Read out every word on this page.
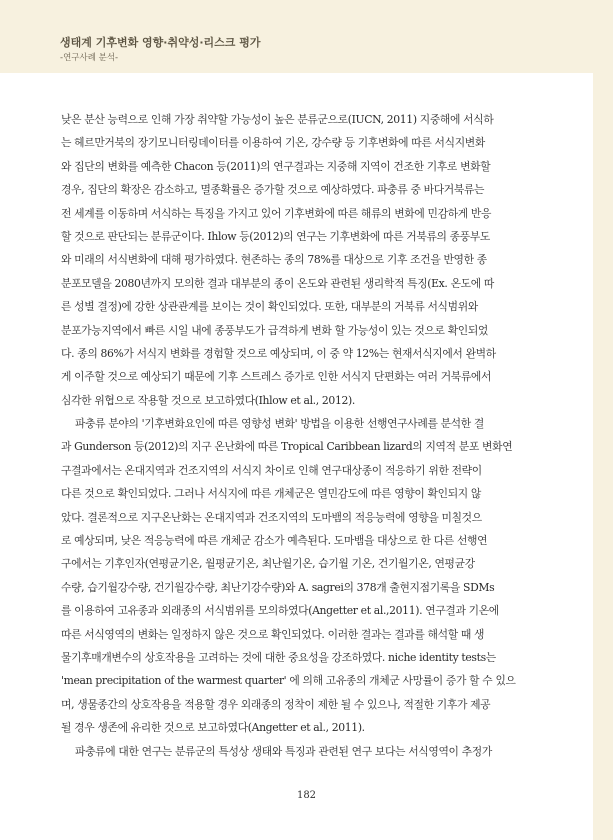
생태계 기후변화 영향·취약성·리스크 평가
-연구사례 분석-
낮은 분산 능력으로 인해 가장 취약할 가능성이 높은 분류군으로(IUCN, 2011) 지중해에 서식하
는 헤르만거북의 장기모니터링데이터를 이용하여 기온, 강수량 등 기후변화에 따른 서식지변화
와 집단의 변화를 예측한 Chacon 등(2011)의 연구결과는 지중해 지역이 건조한 기후로 변화할
경우, 집단의 확장은 감소하고, 멸종확률은 증가할 것으로 예상하였다. 파충류 중 바다거북류는
전 세계를 이동하며 서식하는 특징을 가지고 있어 기후변화에 따른 해류의 변화에 민감하게 반응
할 것으로 판단되는 분류군이다. Ihlow 등(2012)의 연구는 기후변화에 따른 거북류의 종풍부도
와 미래의 서식변화에 대해 평가하였다. 현존하는 종의 78%를 대상으로 기후 조건을 반영한 종
분포모델을 2080년까지 모의한 결과 대부분의 종이 온도와 관련된 생리학적 특징(Ex. 온도에 따
른 성별 결정)에 강한 상관관계를 보이는 것이 확인되었다. 또한, 대부분의 거북류 서식범위와
분포가능지역에서 빠른 시일 내에 종풍부도가 급격하게 변화 할 가능성이 있는 것으로 확인되었
다. 종의 86%가 서식지 변화를 경험할 것으로 예상되며, 이 중 약 12%는 현재서식지에서 완벽하
게 이주할 것으로 예상되기 때문에 기후 스트레스 증가로 인한 서식지 단편화는 여러 거북류에서
심각한 위협으로 작용할 것으로 보고하였다(Ihlow et al., 2012).
파충류 분야의 '기후변화요인에 따른 영향성 변화' 방법을 이용한 선행연구사례를 분석한 결
과 Gunderson 등(2012)의 지구 온난화에 따른 Tropical Caribbean lizard의 지역적 분포 변화연
구결과에서는 온대지역과 건조지역의 서식지 차이로 인해 연구대상종이 적응하기 위한 전략이
다른 것으로 확인되었다. 그러나 서식지에 따른 개체군은 열민감도에 따른 영향이 확인되지 않
았다. 결론적으로 지구온난화는 온대지역과 건조지역의 도마뱀의 적응능력에 영향을 미칠것으
로 예상되며, 낮은 적응능력에 따른 개체군 감소가 예측된다. 도마뱀을 대상으로 한 다른 선행연
구에서는 기후인자(연평균기온, 월평균기온, 최난월기온, 습기월 기온, 건기월기온, 연평균강
수량, 습기월강수량, 건기월강수량, 최난기강수량)와 A. sagrei의 378개 출현지점기록을 SDMs
를 이용하여 고유종과 외래종의 서식범위를 모의하였다(Angetter et al.,2011). 연구결과 기온에
따른 서식영역의 변화는 일정하지 않은 것으로 확인되었다. 이러한 결과는 결과를 해석할 때 생
물기후매개변수의 상호작용을 고려하는 것에 대한 중요성을 강조하였다. niche identity tests는
'mean precipitation of the warmest quarter' 에 의해 고유종의 개체군 사망률이 증가 할 수 있으
며, 생물종간의 상호작용을 적용할 경우 외래종의 정착이 제한 될 수 있으나, 적절한 기후가 제공
될 경우 생존에 유리한 것으로 보고하였다(Angetter et al., 2011).
파충류에 대한 연구는 분류군의 특성상 생태와 특징과 관련된 연구 보다는 서식영역이 추정가
182
